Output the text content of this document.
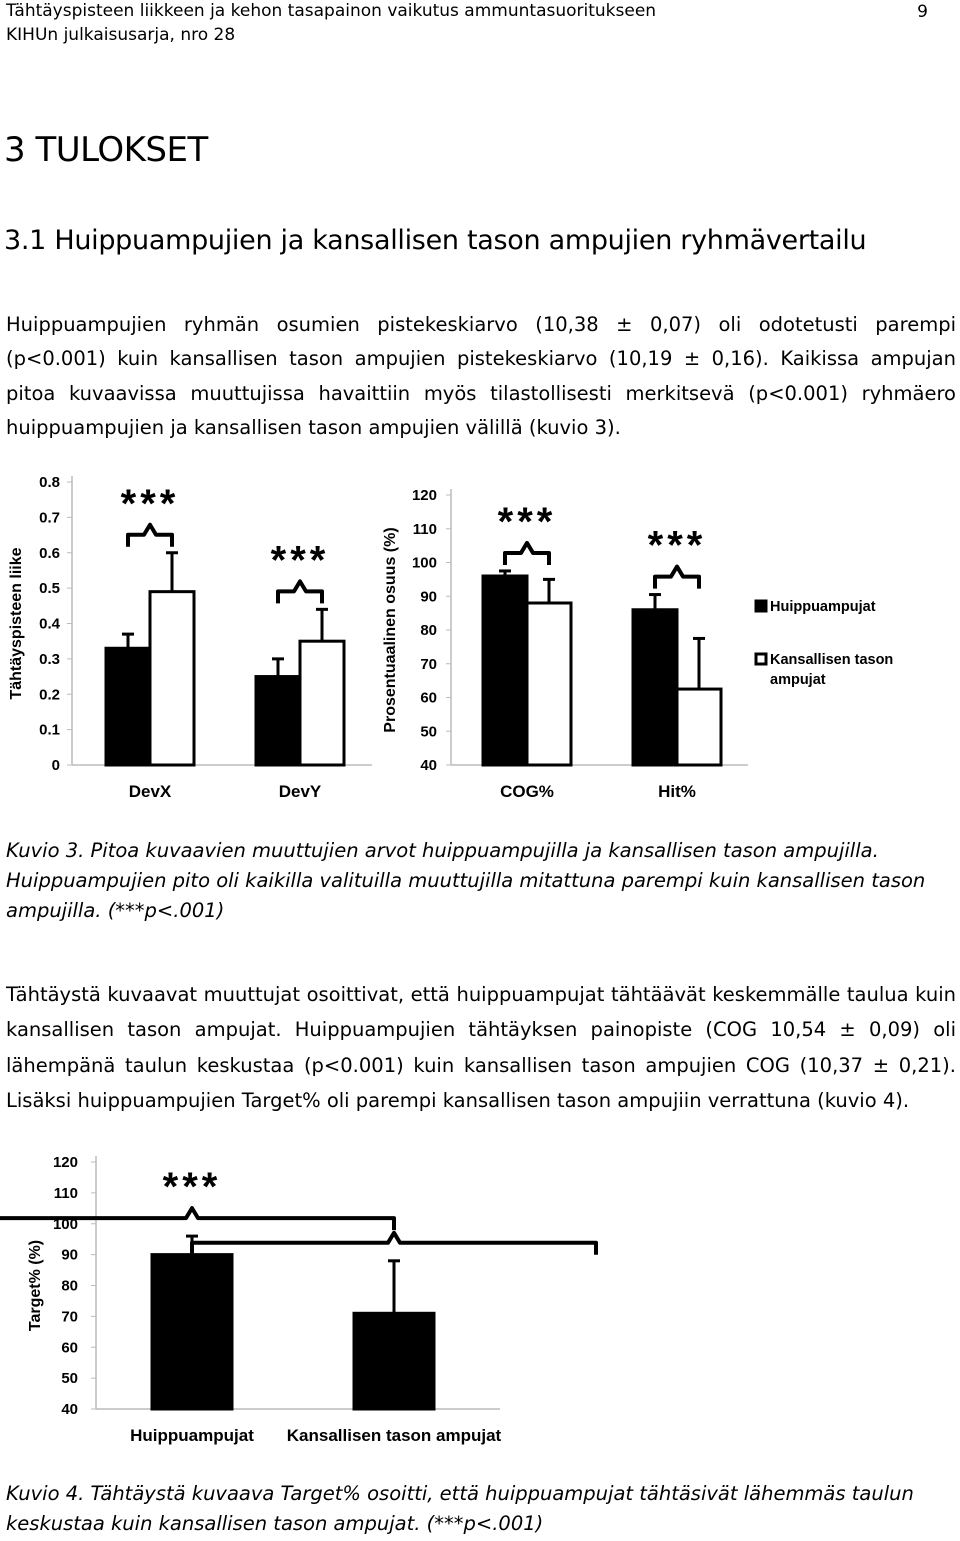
Tähtäyspisteen liikkeen ja kehon tasapainon vaikutus ammuntasuoritukseen
KIHUn julkaisusarja, nro 28
9
3 TULOKSET
3.1 Huippuampujien ja kansallisen tason ampujien ryhmävertailu

Huippuampujien ryhmän osumien pistekeskiarvo (10,38 ± 0,07) oli odotetusti parempi (p<0.001) kuin kansallisen tason ampujien pistekeskiarvo (10,19 ± 0,16). Kaikissa ampujan pitoa kuvaavissa muuttujissa havaittiin myös tilastollisesti merkitsevä (p<0.001) ryhmäero huippuampujien ja kansallisen tason ampujien välillä (kuvio 3).

0
0.1
0.2
0.3
0.4
0.5
0.6
0.7
0.8
Tähtäyspisteen liike
DevX
***
DevY
***
40
50
60
70
80
90
100
110
120
Prosentuaalinen osuus (%)
COG%
***
Hit%
***
Huippuampujat
Kansallisen tason ampujat

Kuvio 3. Pitoa kuvaavien muuttujien arvot huippuampujilla ja kansallisen tason ampujilla. Huippuampujien pito oli kaikilla valituilla muuttujilla mitattuna parempi kuin kansallisen tason ampujilla. (***p<.001)

Tähtäystä kuvaavat muuttujat osoittivat, että huippuampujat tähtäävät keskemmälle taulua kuin kansallisen tason ampujat. Huippuampujien tähtäyksen painopiste (COG 10,54 ± 0,09) oli lähempänä taulun keskustaa (p<0.001) kuin kansallisen tason ampujien COG (10,37 ± 0,21). Lisäksi huippuampujien Target% oli parempi kansallisen tason ampujiin verrattuna (kuvio 4).

40
50
60
70
80
90
100
110
120
Target% (%)
Huippuampujat
***
Kansallisen tason ampujat

Kuvio 4. Tähtäystä kuvaava Target% osoitti, että huippuampujat tähtäsivät lähemmäs taulun keskustaa kuin kansallisen tason ampujat. (***p<.001)
